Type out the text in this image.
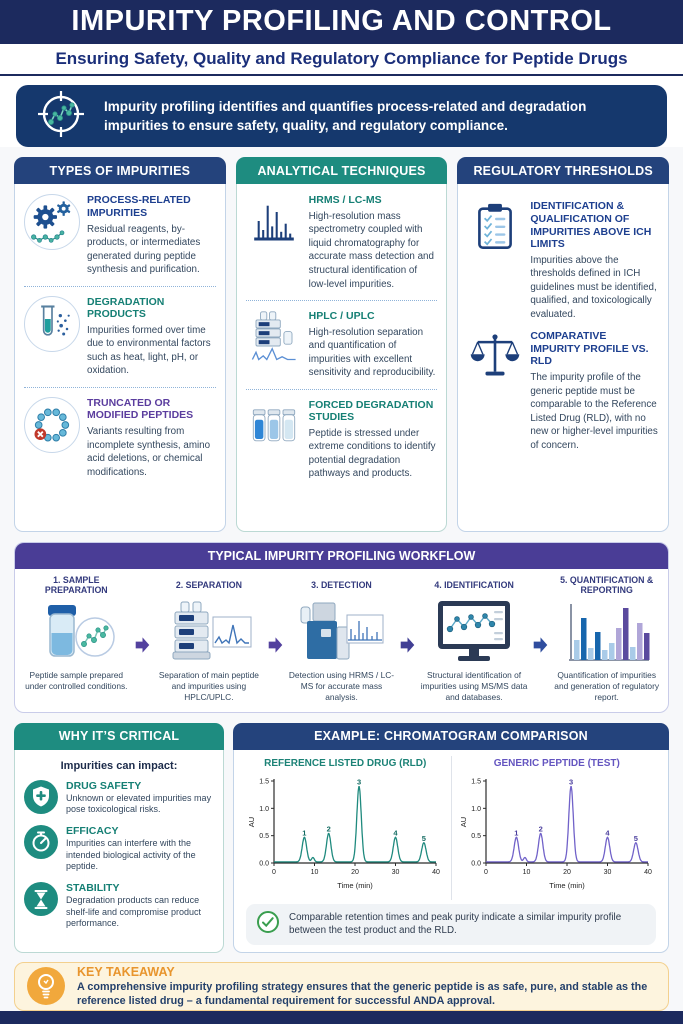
IMPURITY PROFILING AND CONTROL
Ensuring Safety, Quality and Regulatory Compliance for Peptide Drugs
Impurity profiling identifies and quantifies process-related and degradation impurities to ensure safety, quality, and regulatory compliance.
TYPES OF IMPURITIES
PROCESS-RELATED IMPURITIES
Residual reagents, by-products, or intermediates generated during peptide synthesis and purification.
DEGRADATION PRODUCTS
Impurities formed over time due to environmental factors such as heat, light, pH, or oxidation.
TRUNCATED OR MODIFIED PEPTIDES
Variants resulting from incomplete synthesis, amino acid deletions, or chemical modifications.
ANALYTICAL TECHNIQUES
HRMS / LC-MS
High-resolution mass spectrometry coupled with liquid chromatography for accurate mass detection and structural identification of low-level impurities.
HPLC / UPLC
High-resolution separation and quantification of impurities with excellent sensitivity and reproducibility.
FORCED DEGRADATION STUDIES
Peptide is stressed under extreme conditions to identify potential degradation pathways and products.
REGULATORY THRESHOLDS
IDENTIFICATION & QUALIFICATION OF IMPURITIES ABOVE ICH LIMITS
Impurities above the thresholds defined in ICH guidelines must be identified, qualified, and toxicologically evaluated.
COMPARATIVE IMPURITY PROFILE VS. RLD
The impurity profile of the generic peptide must be comparable to the Reference Listed Drug (RLD), with no new or higher-level impurities of concern.
TYPICAL IMPURITY PROFILING WORKFLOW
1. SAMPLE PREPARATION
Peptide sample prepared under controlled conditions.
2. SEPARATION
Separation of main peptide and impurities using HPLC/UPLC.
3. DETECTION
Detection using HRMS / LC-MS for accurate mass analysis.
4. IDENTIFICATION
Structural identification of impurities using MS/MS data and databases.
5. QUANTIFICATION & REPORTING
Quantification of impurities and generation of regulatory report.
WHY IT’S CRITICAL
Impurities can impact:
DRUG SAFETY
Unknown or elevated impurities may pose toxicological risks.
EFFICACY
Impurities can interfere with the intended biological activity of the peptide.
STABILITY
Degradation products can reduce shelf-life and compromise product performance.
EXAMPLE: CHROMATOGRAM COMPARISON
REFERENCE LISTED DRUG (RLD)
0.0
0.5
1.0
1.5
0	10	20	30	40
Time (min)
AU
1	2
3
4
5
GENERIC PEPTIDE (TEST)
0.0
0.5
1.0
1.5
0	10	20	30	40
Time (min)
AU
1	2
3
4
5
Comparable retention times and peak purity indicate a similar impurity profile between the test product and the RLD.
KEY TAKEAWAY
A comprehensive impurity profiling strategy ensures that the generic peptide is as safe, pure, and stable as the reference listed drug – a fundamental requirement for successful ANDA approval.
